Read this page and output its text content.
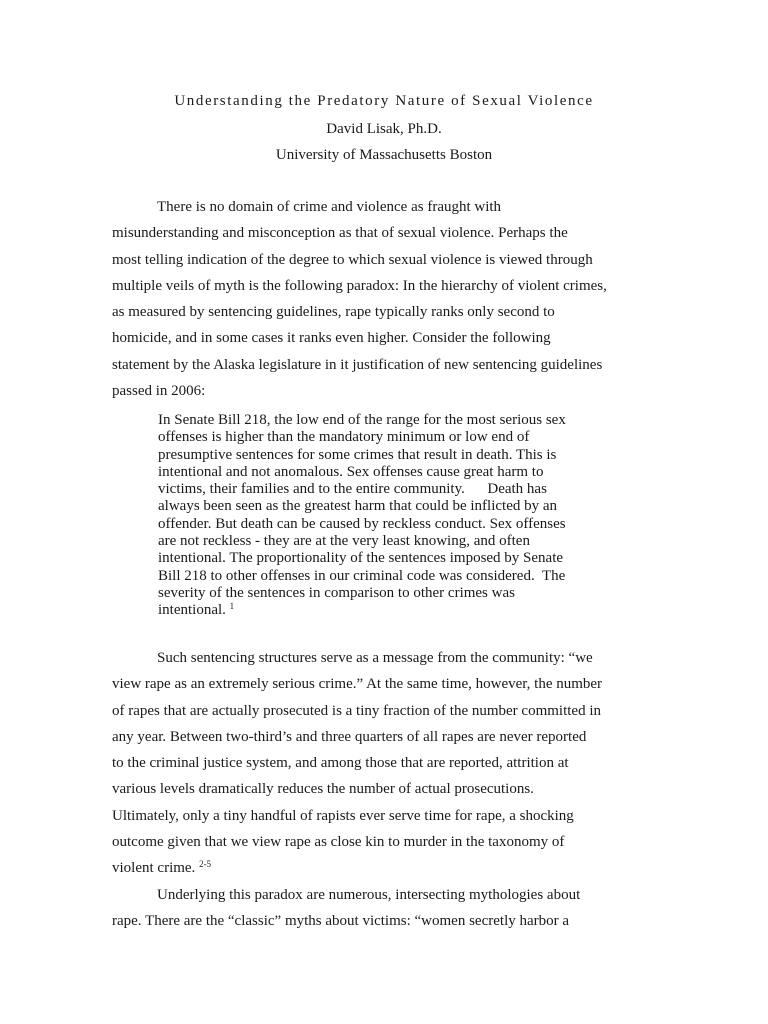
Understanding the Predatory Nature of Sexual Violence
David Lisak, Ph.D.
University of Massachusetts Boston
There is no domain of crime and violence as fraught with
misunderstanding and misconception as that of sexual violence. Perhaps the
most telling indication of the degree to which sexual violence is viewed through
multiple veils of myth is the following paradox: In the hierarchy of violent crimes,
as measured by sentencing guidelines, rape typically ranks only second to
homicide, and in some cases it ranks even higher. Consider the following
statement by the Alaska legislature in it justification of new sentencing guidelines
passed in 2006:
In Senate Bill 218, the low end of the range for the most serious sex
offenses is higher than the mandatory minimum or low end of
presumptive sentences for some crimes that result in death. This is
intentional and not anomalous. Sex offenses cause great harm to
victims, their families and to the entire community.      Death has
always been seen as the greatest harm that could be inflicted by an
offender. But death can be caused by reckless conduct. Sex offenses
are not reckless - they are at the very least knowing, and often
intentional. The proportionality of the sentences imposed by Senate
Bill 218 to other offenses in our criminal code was considered.  The
severity of the sentences in comparison to other crimes was
intentional. $^1$
Such sentencing structures serve as a message from the community: “we
view rape as an extremely serious crime.” At the same time, however, the number
of rapes that are actually prosecuted is a tiny fraction of the number committed in
any year. Between two-third’s and three quarters of all rapes are never reported
to the criminal justice system, and among those that are reported, attrition at
various levels dramatically reduces the number of actual prosecutions.
Ultimately, only a tiny handful of rapists ever serve time for rape, a shocking
outcome given that we view rape as close kin to murder in the taxonomy of
violent crime. $^{2-5}$
Underlying this paradox are numerous, intersecting mythologies about
rape. There are the “classic” myths about victims: “women secretly harbor a
